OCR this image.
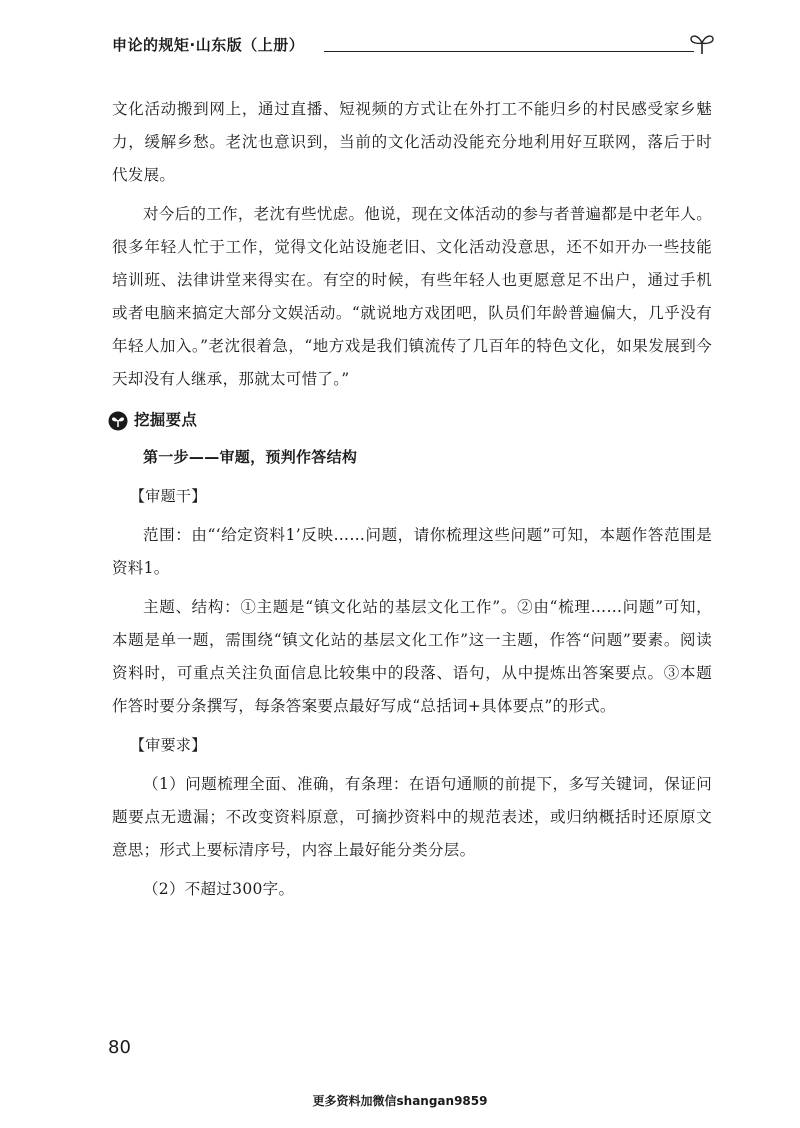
申论的规矩·山东版（上册）

文化活动搬到网上，通过直播、短视频的方式让在外打工不能归乡的村民感受家乡魅力，缓解乡愁。老沈也意识到，当前的文化活动没能充分地利用好互联网，落后于时代发展。

对今后的工作，老沈有些忧虑。他说，现在文体活动的参与者普遍都是中老年人。很多年轻人忙于工作，觉得文化站设施老旧、文化活动没意思，还不如开办一些技能培训班、法律讲堂来得实在。有空的时候，有些年轻人也更愿意足不出户，通过手机或者电脑来搞定大部分文娱活动。“就说地方戏团吧，队员们年龄普遍偏大，几乎没有年轻人加入。”老沈很着急，“地方戏是我们镇流传了几百年的特色文化，如果发展到今天却没有人继承，那就太可惜了。”

挖掘要点
第一步——审题，预判作答结构
【审题干】

范围：由“‘给定资料1’反映……问题，请你梳理这些问题”可知，本题作答范围是资料1。

主题、结构：①主题是“镇文化站的基层文化工作”。②由“梳理……问题”可知，本题是单一题，需围绕“镇文化站的基层文化工作”这一主题，作答“问题”要素。阅读资料时，可重点关注负面信息比较集中的段落、语句，从中提炼出答案要点。③本题作答时要分条撰写，每条答案要点最好写成“总括词+具体要点”的形式。

【审要求】

（1）问题梳理全面、准确，有条理：在语句通顺的前提下，多写关键词，保证问题要点无遗漏；不改变资料原意，可摘抄资料中的规范表述，或归纳概括时还原原文意思；形式上要标清序号，内容上最好能分类分层。

（2）不超过300字。

80
更多资料加微信shangan9859
